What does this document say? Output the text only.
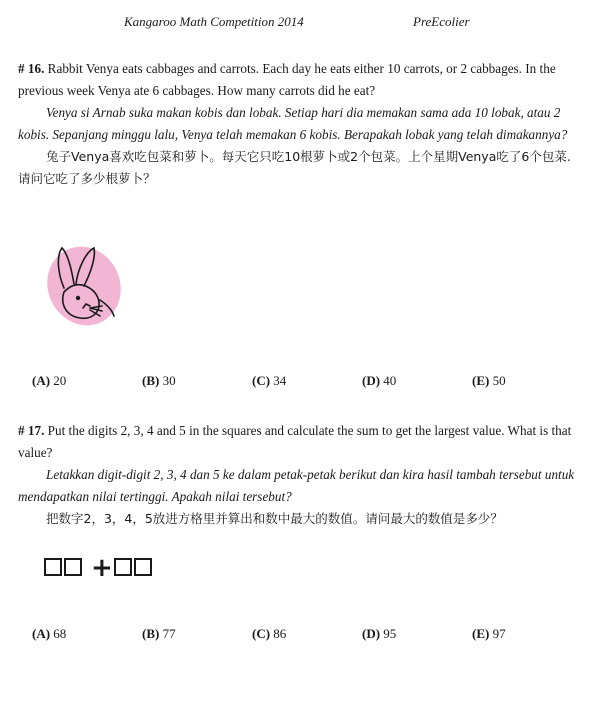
Kangaroo Math Competition 2014	PreEcolier

# 16. Rabbit Venya eats cabbages and carrots. Each day he eats either 10 carrots, or 2 cabbages. In the previous week Venya ate 6 cabbages. How many carrots did he eat?

Venya si Arnab suka makan kobis dan lobak. Setiap hari dia memakan sama ada 10 lobak, atau 2 kobis. Sepanjang minggu lalu, Venya telah memakan 6 kobis. Berapakah lobak yang telah dimakannya?

兔子Venya喜欢吃包菜和萝卜。每天它只吃10根萝卜或2个包菜。上个星期Venya吃了6个包菜.请问它吃了多少根萝卜？

(A) 20	(B) 30	(C) 34	(D) 40	(E) 50

# 17. Put the digits 2, 3, 4 and 5 in the squares and calculate the sum to get the largest value. What is that value?

Letakkan digit-digit 2, 3, 4 dan 5 ke dalam petak-petak berikut dan kira hasil tambah tersebut untuk mendapatkan nilai tertinggi. Apakah nilai tersebut?

把数字2，3，4，5放进方格里并算出和数中最大的数值。请问最大的数值是多少？

+
(A) 68	(B) 77	(C) 86	(D) 95	(E) 97
